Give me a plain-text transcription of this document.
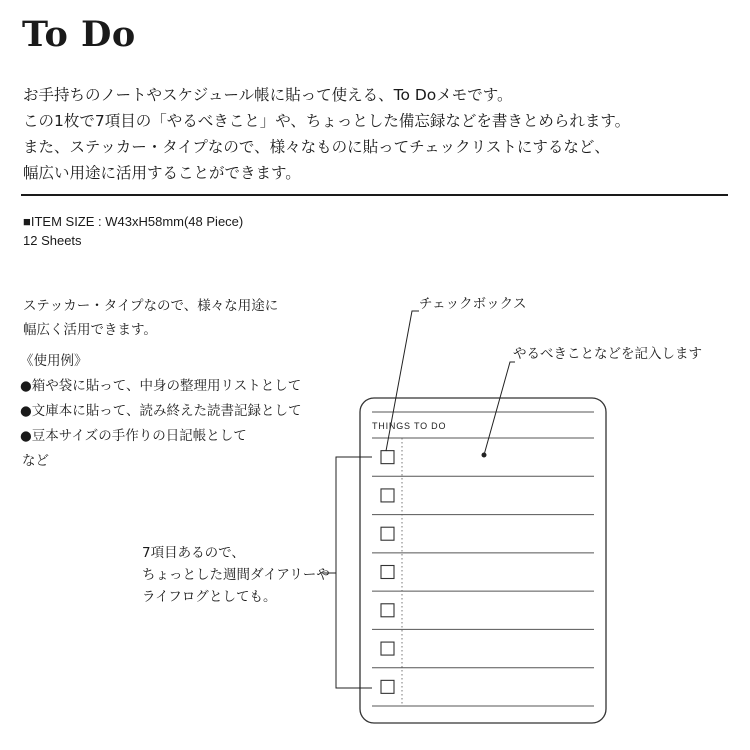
To Do
お手持ちのノートやスケジュール帳に貼って使える、To Doメモです。
この1枚で7項目の「やるべきこと」や、ちょっとした備忘録などを書きとめられます。
また、ステッカー・タイプなので、様々なものに貼ってチェックリストにするなど、
幅広い用途に活用することができます。
■ITEM SIZE : W43xH58mm(48 Piece)
12 Sheets
ステッカー・タイプなので、様々な用途に
幅広く活用できます。
《使用例》
●箱や袋に貼って、中身の整理用リストとして
●文庫本に貼って、読み終えた読書記録として
●豆本サイズの手作りの日記帳として
など
チェックボックス
やるべきことなどを記入します
7項目あるので、
ちょっとした週間ダイアリーや
ライフログとしても。
THINGS TO DO
